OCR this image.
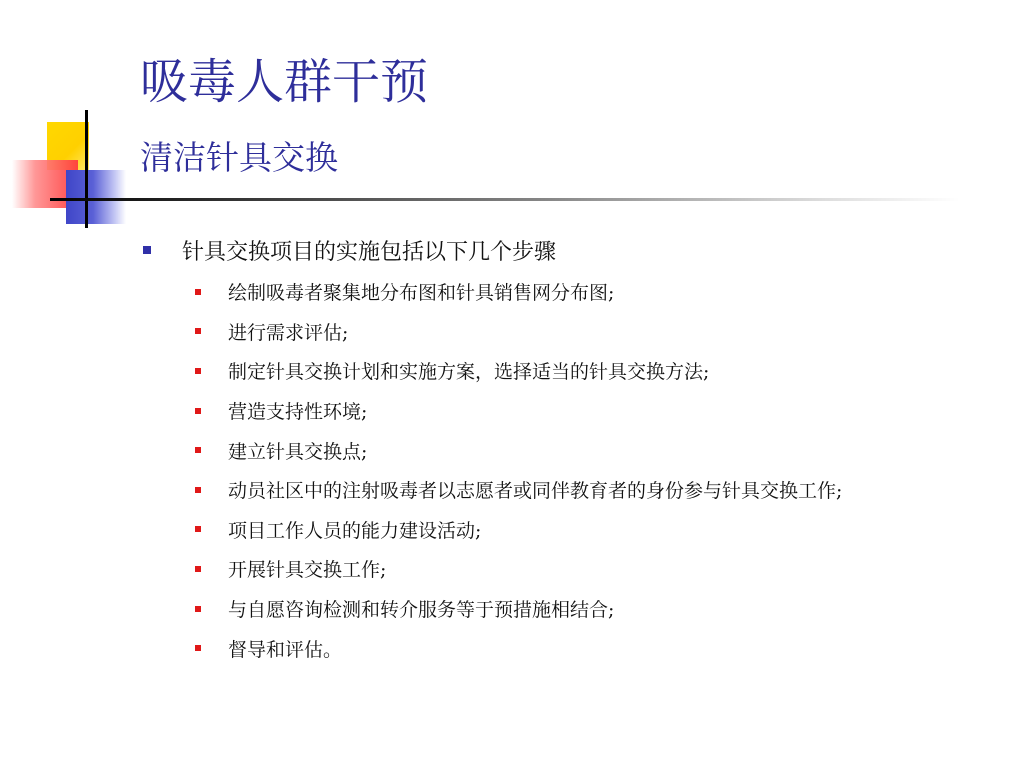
吸毒人群干预
清洁针具交换
针具交换项目的实施包括以下几个步骤
绘制吸毒者聚集地分布图和针具销售网分布图;
进行需求评估;
制定针具交换计划和实施方案，选择适当的针具交换方法;
营造支持性环境;
建立针具交换点;
动员社区中的注射吸毒者以志愿者或同伴教育者的身份参与针具交换工作;
项目工作人员的能力建设活动;
开展针具交换工作;
与自愿咨询检测和转介服务等于预措施相结合;
督导和评估。
